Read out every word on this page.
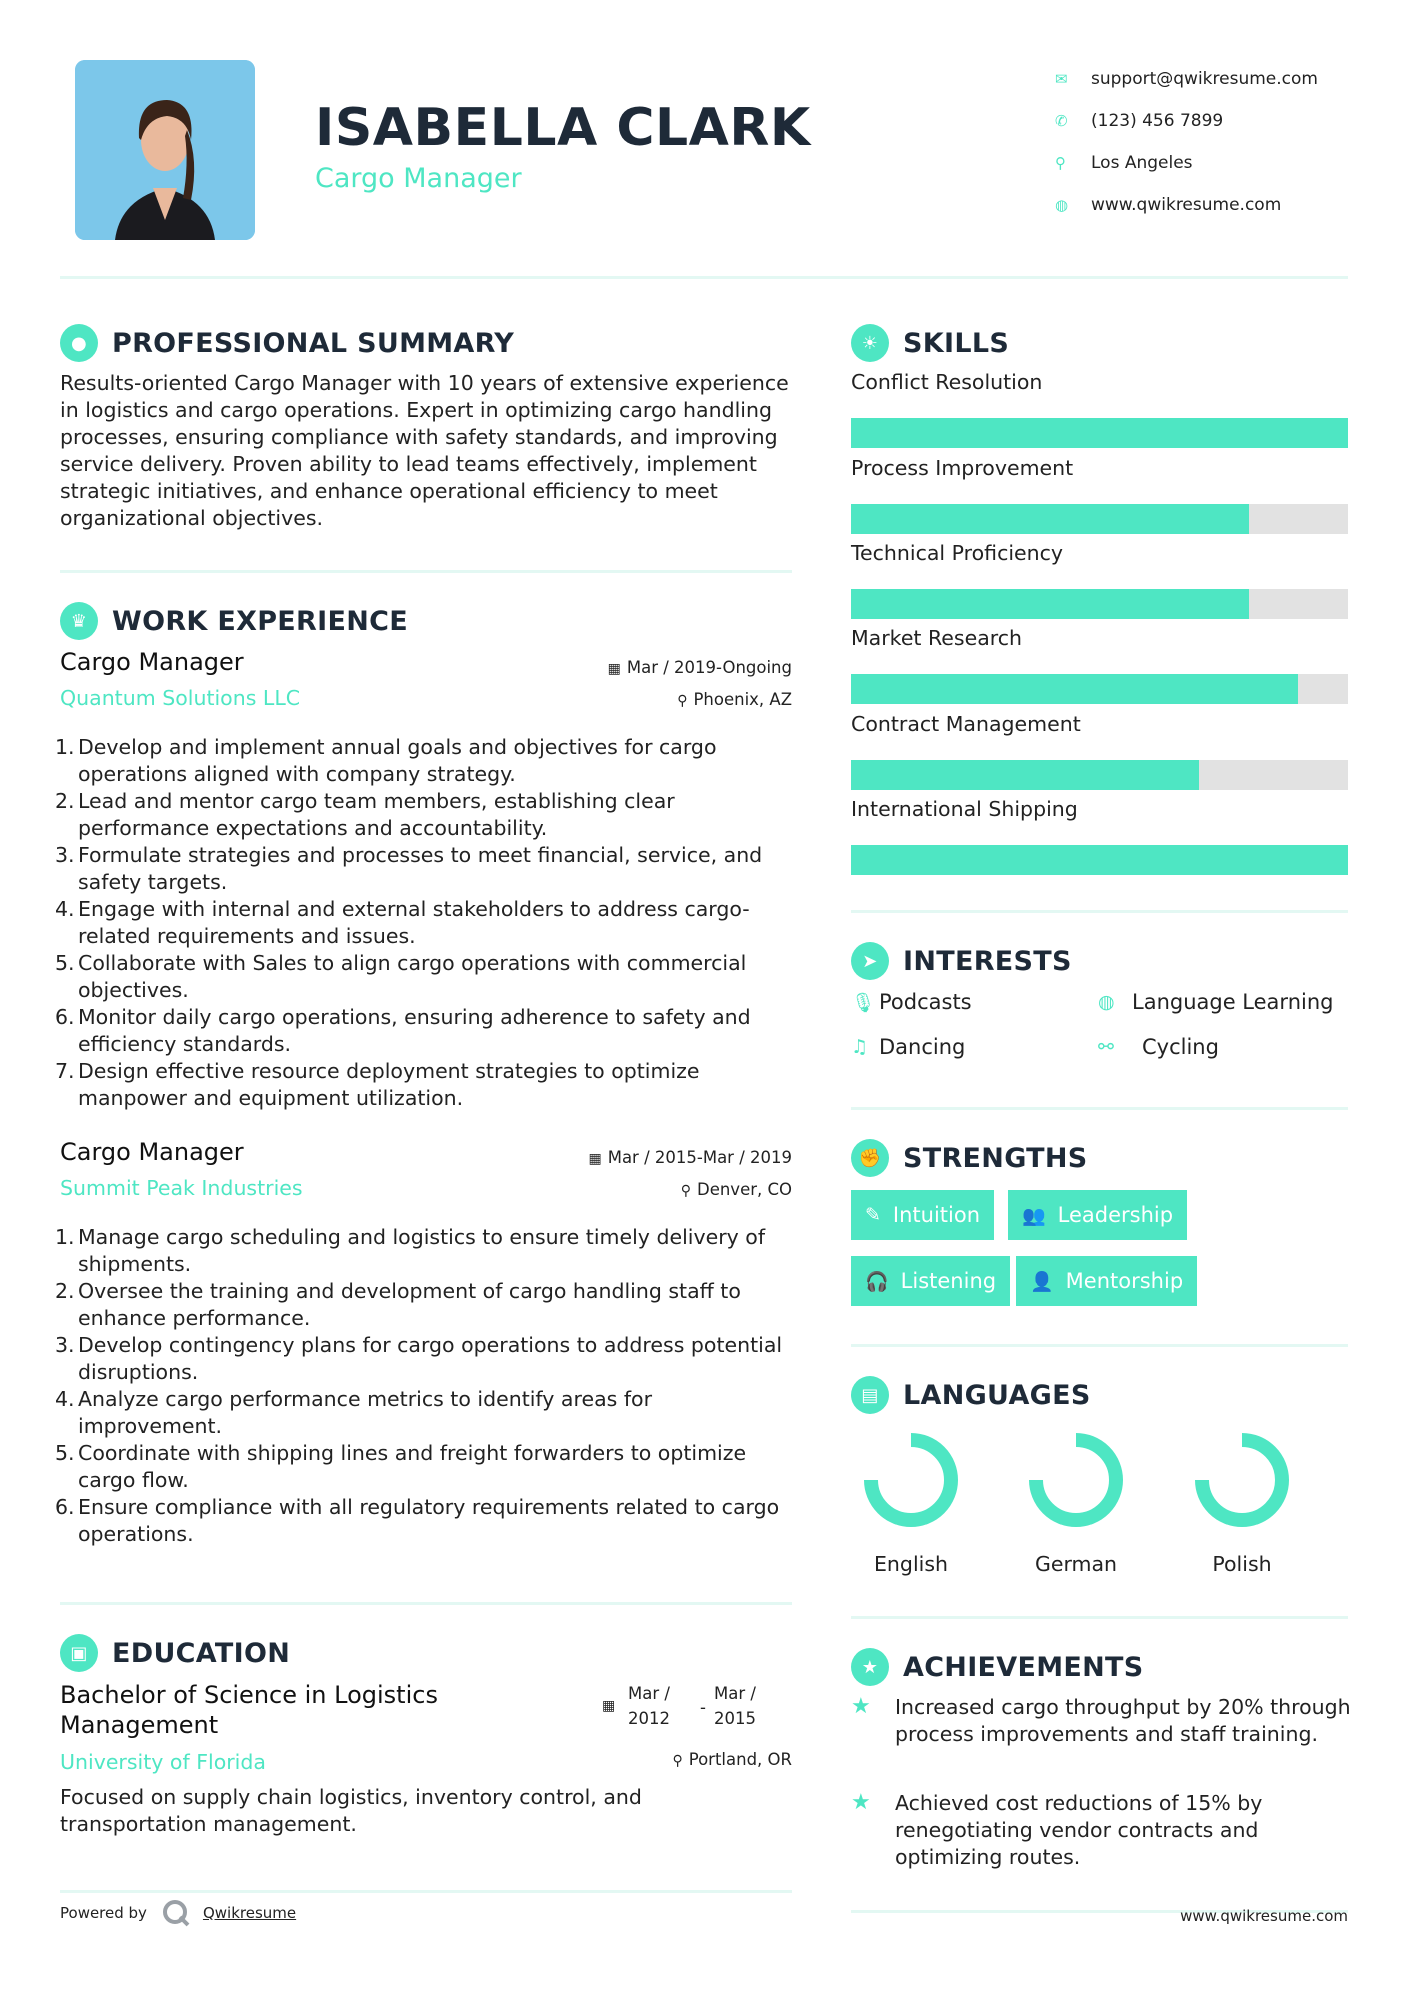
ISABELLA CLARK
Cargo Manager
✉	support@qwikresume.com
✆	(123) 456 7899
⚲	Los Angeles
◍	www.qwikresume.com
● PROFESSIONAL SUMMARY
Results-oriented Cargo Manager with 10 years of extensive experience in logistics and cargo operations. Expert in optimizing cargo handling processes, ensuring compliance with safety standards, and improving service delivery. Proven ability to lead teams effectively, implement strategic initiatives, and enhance operational efficiency to meet organizational objectives.
♛ WORK EXPERIENCE
Cargo Manager
Quantum Solutions LLC
▦ Mar / 2019-Ongoing
⚲ Phoenix, AZ
1. Develop and implement annual goals and objectives for cargo operations aligned with company strategy.
2. Lead and mentor cargo team members, establishing clear performance expectations and accountability.
3. Formulate strategies and processes to meet financial, service, and safety targets.
4. Engage with internal and external stakeholders to address cargo-related requirements and issues.
5. Collaborate with Sales to align cargo operations with commercial objectives.
6. Monitor daily cargo operations, ensuring adherence to safety and efficiency standards.
7. Design effective resource deployment strategies to optimize manpower and equipment utilization.
Cargo Manager
Summit Peak Industries
▦ Mar / 2015-Mar / 2019
⚲ Denver, CO
1. Manage cargo scheduling and logistics to ensure timely delivery of shipments.
2. Oversee the training and development of cargo handling staff to enhance performance.
3. Develop contingency plans for cargo operations to address potential disruptions.
4. Analyze cargo performance metrics to identify areas for improvement.
5. Coordinate with shipping lines and freight forwarders to optimize cargo flow.
6. Ensure compliance with all regulatory requirements related to cargo operations.
▣ EDUCATION
Bachelor of Science in Logistics
Management
University of Florida
▦
Mar /
2012
-
Mar /
2015
⚲ Portland, OR
Focused on supply chain logistics, inventory control, and transportation management.
☀ SKILLS
Conflict Resolution
Process Improvement
Technical Proficiency
Market Research
Contract Management
International Shipping
➤ INTERESTS
🎙 Podcasts	◍ Language Learning
♫ Dancing	⚯	Cycling
✊ STRENGTHS
✎ Intuition 👥 Leadership
🎧 Listening 👤 Mentorship
▤ LANGUAGES
English	German	Polish
★ ACHIEVEMENTS
★	Increased cargo throughput by 20% through process improvements and staff training.
★	Achieved cost reductions of 15% by renegotiating vendor contracts and optimizing routes.
Powered by	Qwikresume	www.qwikresume.com
